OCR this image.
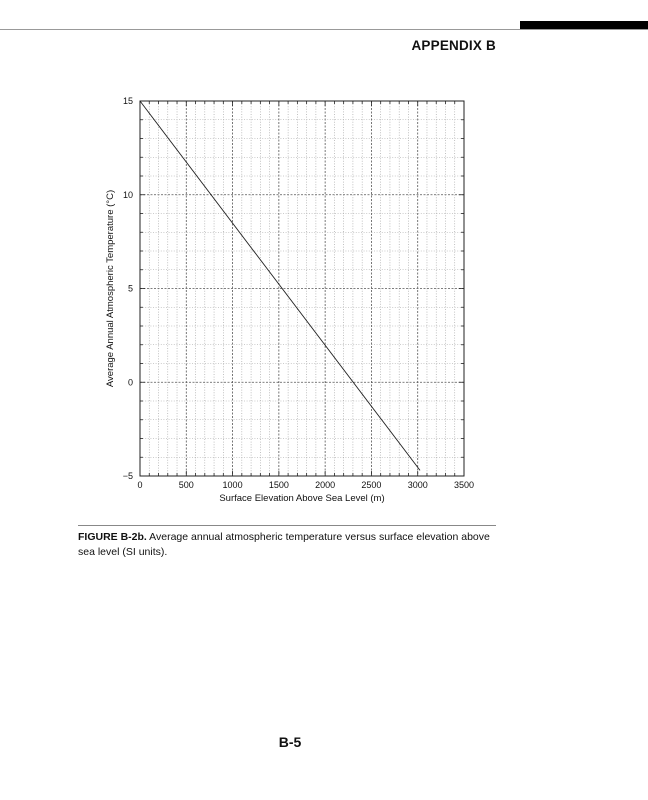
APPENDIX B
0	500	1000	1500	2000	2500	3000	3500
−5
0
5
10
15
Surface Elevation Above Sea Level (m)
Average Annual Atmospheric Temperature (°C)
FIGURE B-2b. Average annual atmospheric temperature versus surface elevation above sea level (SI units).
B-5
